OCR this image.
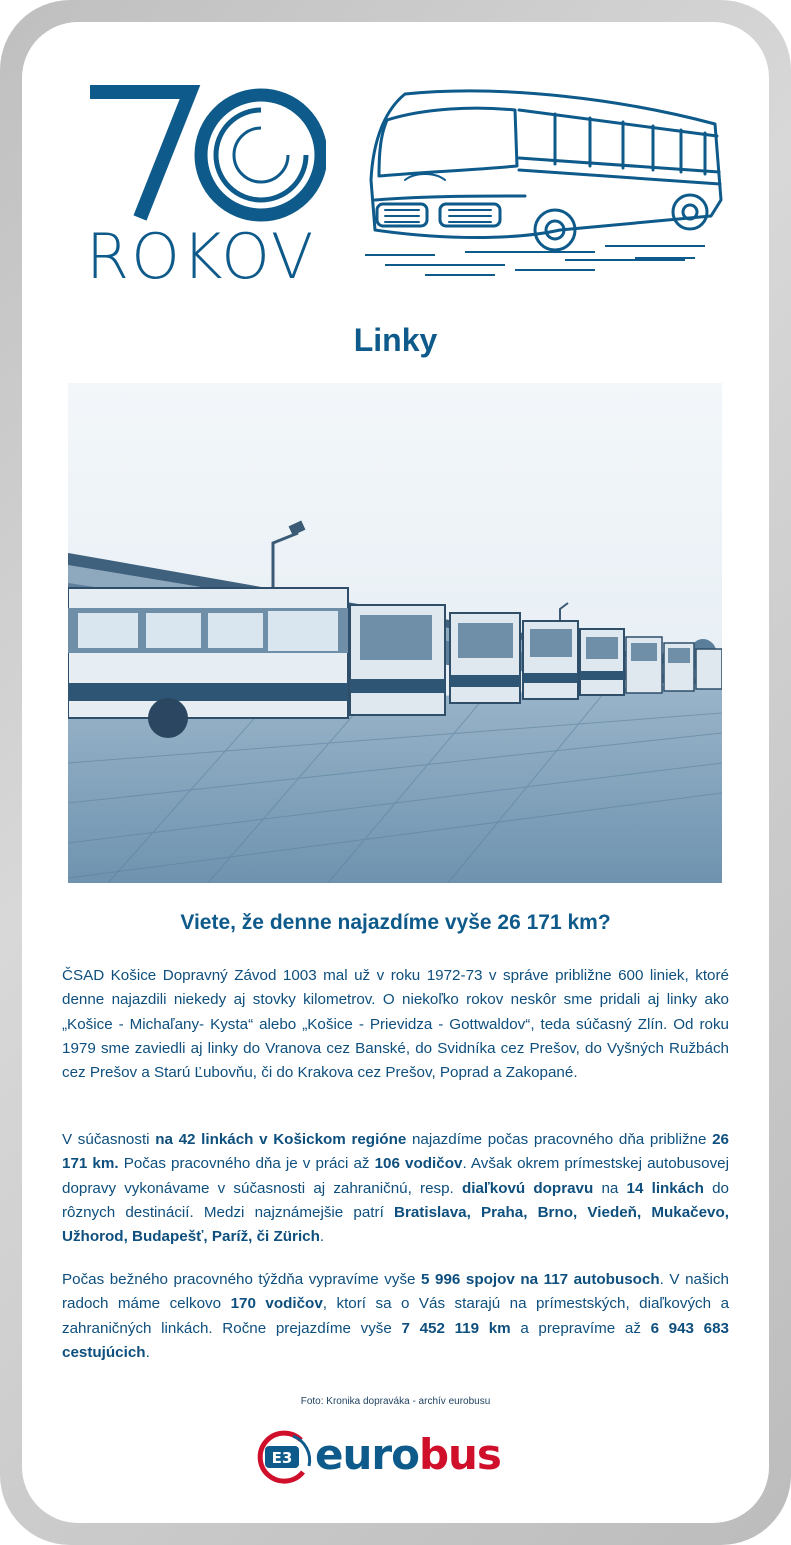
ROKOV
Linky
Viete, že denne najazdíme vyše 26 171 km?
ČSAD Košice Dopravný Závod 1003 mal už v roku 1972-73 v správe približne 600 liniek, ktoré denne najazdili niekedy aj stovky kilometrov. O niekoľko rokov neskôr sme pridali aj linky ako „Košice - Michaľany- Kysta“ alebo „Košice - Prievidza - Gottwaldov“, teda súčasný Zlín. Od roku 1979 sme zaviedli aj linky do Vranova cez Banské, do Svidníka cez Prešov, do Vyšných Ružbách cez Prešov a Starú Ľubovňu, či do Krakova cez Prešov, Poprad a Zakopané.
V súčasnosti na 42 linkách v Košickom regióne najazdíme počas pracovného dňa približne 26 171 km. Počas pracovného dňa je v práci až 106 vodičov. Avšak okrem prímestskej autobusovej dopravy vykonávame v súčasnosti aj zahraničnú, resp. diaľkovú dopravu na 14 linkách do rôznych destinácií. Medzi najznámejšie patrí Bratislava, Praha, Brno, Viedeň, Mukačevo, Užhorod, Budapešť, Paríž, či Zürich.
Počas bežného pracovného týždňa vypravíme vyše 5 996 spojov na 117 autobusoch. V našich radoch máme celkovo 170 vodičov, ktorí sa o Vás starajú na prímestských, diaľkových a zahraničných linkách. Ročne prejazdíme vyše 7 452 119 km a prepravíme až 6 943 683 cestujúcich.
Foto: Kronika dopraváka - archív eurobusu
E3 eurobus
